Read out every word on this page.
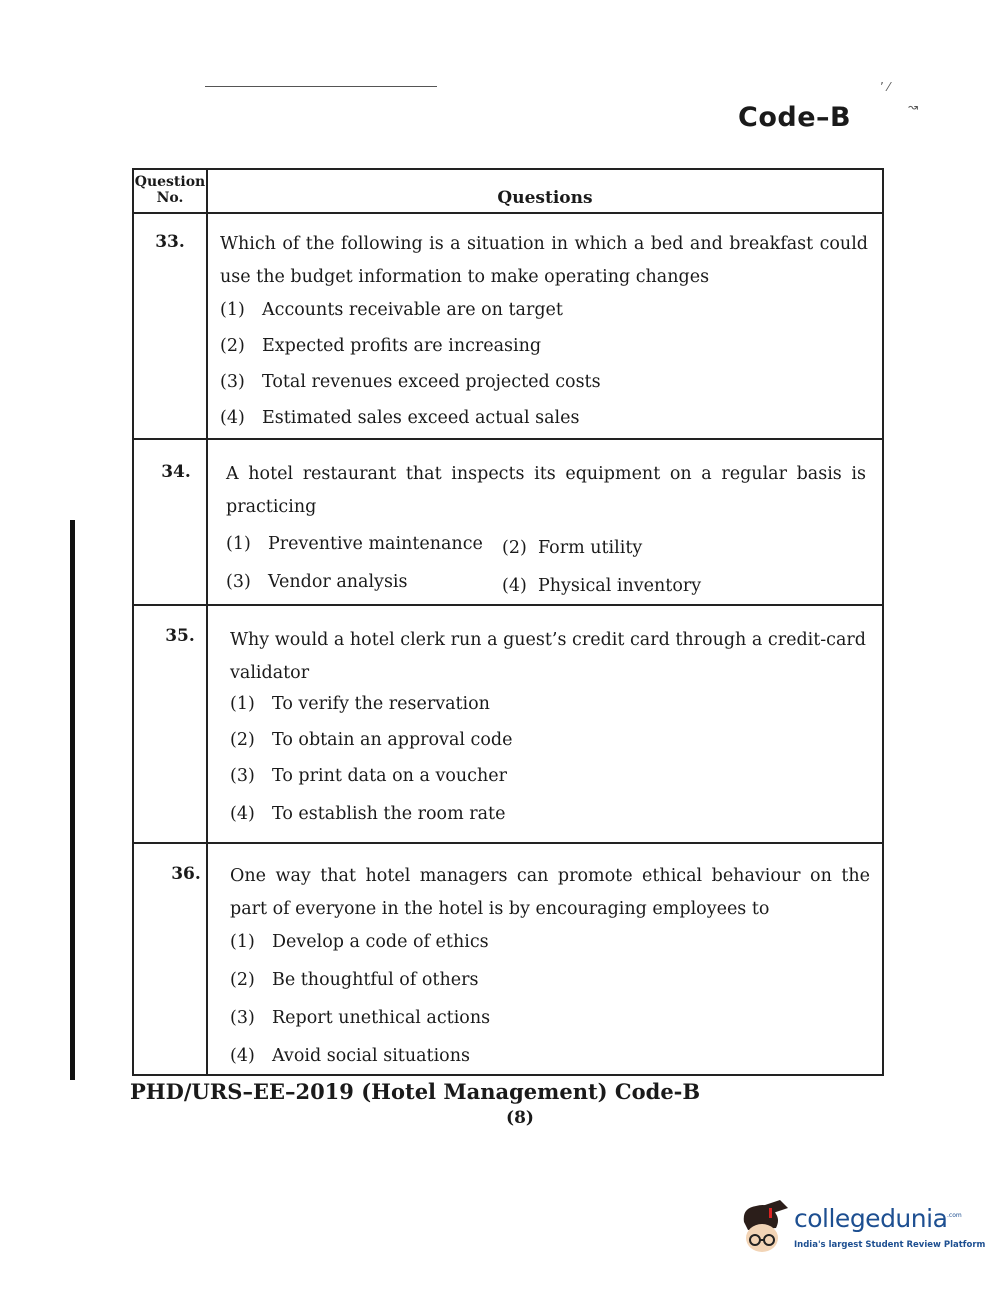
Code–B
’ ⁄
↝
Question No.	Questions
33.	Which of the following is a situation in which a bed and breakfast could use the budget information to make operating changes
(1) Accounts receivable are on target
(2) Expected profits are increasing
(3) Total revenues exceed projected costs
(4) Estimated sales exceed actual sales
34.	A hotel restaurant that inspects its equipment on a regular basis is practicing
(1) Preventive maintenance (2) Form utility
(3) Vendor analysis	(4) Physical inventory
35.	Why would a hotel clerk run a guest’s credit card through a credit-card validator
(1) To verify the reservation
(2) To obtain an approval code
(3) To print data on a voucher
(4) To establish the room rate
36.	One way that hotel managers can promote ethical behaviour on the part of everyone in the hotel is by encouraging employees to
(1) Develop a code of ethics
(2) Be thoughtful of others
(3) Report unethical actions
(4) Avoid social situations
PHD/URS–EE–2019 (Hotel Management) Code-B
(8)
collegedunia .com
India's largest Student Review Platform
